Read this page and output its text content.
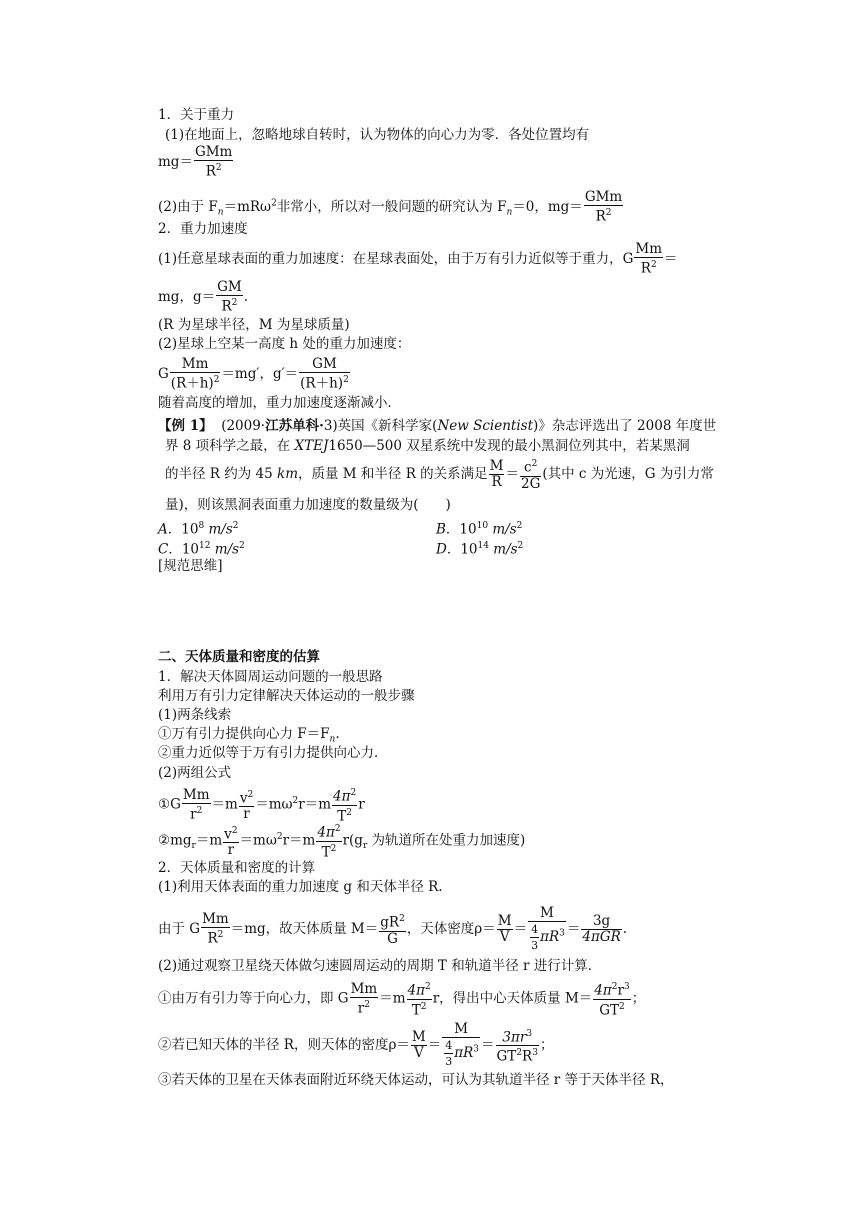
1．关于重力
(1)在地面上，忽略地球自转时，认为物体的向心力为零．各处位置均有
mg＝
GMm
$R^2$
(2)由于 $F_n=mR\omega^2$非常小，所以对一般问题的研究认为 $F_n=0$，mg＝
GMm
$R^2$
2．重力加速度
(1)任意星球表面的重力加速度：在星球表面处，由于万有引力近似等于重力，G $\frac{Mm}{R^2}$ ＝
mg，$g= \frac{GM}{R^2}$ .
(R 为星球半径，M 为星球质量)
(2)星球上空某一高度 h 处的重力加速度：
G $\frac{Mm}{(R+h)^2} =mg'$，$g'= \frac{GM}{(R+h)^2}$
随着高度的增加，重力加速度逐渐减小．
【例 1】 (2009·江苏单科·3)英国《新科学家(New Scientist)》杂志评选出了 2008 年度世
界 8 项科学之最，在 XTEJ1650—500 双星系统中发现的最小黑洞位列其中，若某黑洞
的半径 R 约为 45 km，质量 M 和半径 R 的关系满足 $\frac{M}{R} = \frac{c^2}{2G}$ (其中 c 为光速，G 为引力常
量)，则该黑洞表面重力加速度的数量级为(　　)
A．$10^8$ $m/s^2$	B．$10^{10}$ $m/s^2$
C．$10^{12}$ $m/s^2$	D．$10^{14}$ $m/s^2$
[规范思维]
二、天体质量和密度的估算
1．解决天体圆周运动问题的一般思路
利用万有引力定律解决天体运动的一般步骤
(1)两条线索
①万有引力提供向心力 $F=F_n$.
②重力近似等于万有引力提供向心力．
(2)两组公式
①G $\frac{Mm}{r^2} =m \frac{v^2}{r} =m\omega^2r=m \frac{4\pi^2}{T^2}$ r
$②mg_r=m \frac{v^2}{r} =m\omega^2r=m \frac{4\pi^2}{T^2} r(g_r$ 为轨道所在处重力加速度)
2．天体质量和密度的计算
(1)利用天体表面的重力加速度 g 和天体半径 R.
由于 G $\frac{Mm}{R^2} =mg$，故天体质量 $M= \frac{gR^2}{G}$ ，天体密度$\rho= \frac{M}{V} = \frac{M}{\frac{4}{3} \pi R^3} = 3g$
4πGR .
(2)通过观察卫星绕天体做匀速圆周运动的周期 T 和轨道半径 r 进行计算．
①由万有引力等于向心力，即 G $\frac{Mm}{r^2} =m \frac{4\pi^2}{T^2}$ r，得出中心天体质量 $M= \frac{4\pi^2r^3}{GT^2}$ ；
②若已知天体的半径 R，则天体的密度$\rho= \frac{M}{V} = \frac{M}{\frac{4}{3} \pi R^3} = \frac{3\pi r^3}{GT^2R^3}$ ；
③若天体的卫星在天体表面附近环绕天体运动，可认为其轨道半径 r 等于天体半径 R，
